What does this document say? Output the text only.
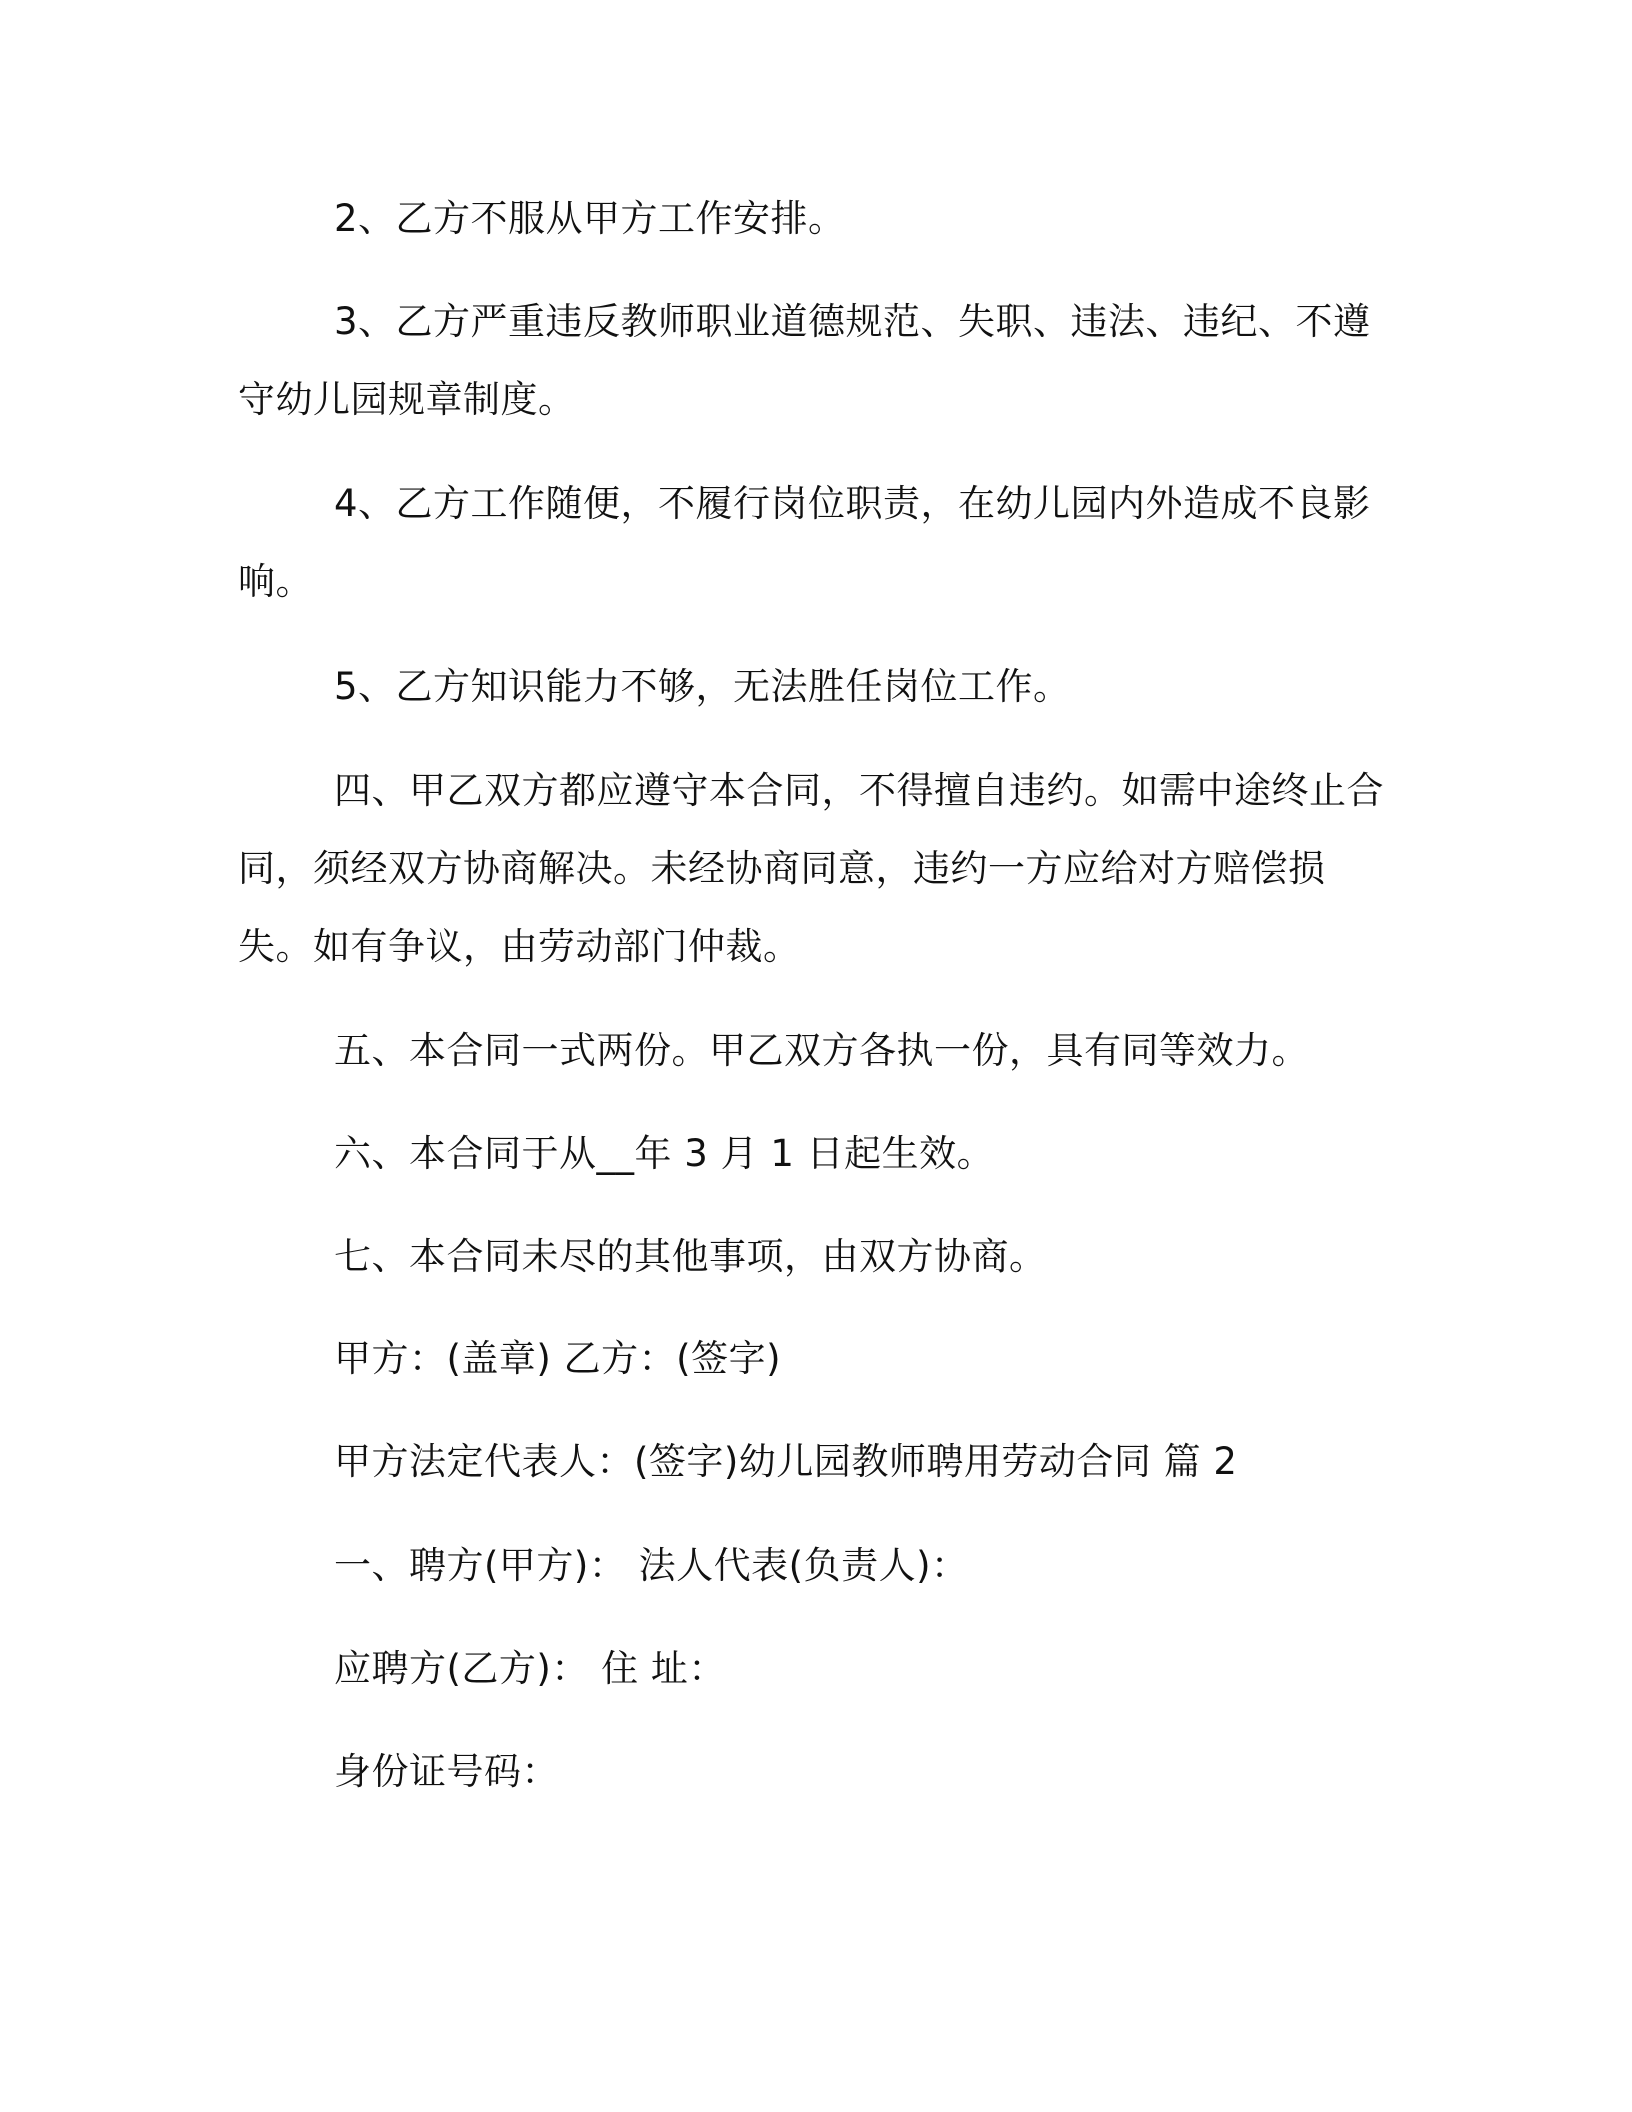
2、乙方不服从甲方工作安排。

3、乙方严重违反教师职业道德规范、失职、违法、违纪、不遵守幼儿园规章制度。

4、乙方工作随便，不履行岗位职责，在幼儿园内外造成不良影响。

5、乙方知识能力不够，无法胜任岗位工作。

四、甲乙双方都应遵守本合同，不得擅自违约。如需中途终止合同，须经双方协商解决。未经协商同意，违约一方应给对方赔偿损失。如有争议，由劳动部门仲裁。

五、本合同一式两份。甲乙双方各执一份，具有同等效力。

六、本合同于从__年 3 月 1 日起生效。

七、本合同未尽的其他事项，由双方协商。

甲方：(盖章) 乙方：(签字)

甲方法定代表人：(签字)幼儿园教师聘用劳动合同 篇 2

一、聘方(甲方)： 法人代表(负责人)：

应聘方(乙方)： 住 址：

身份证号码：
